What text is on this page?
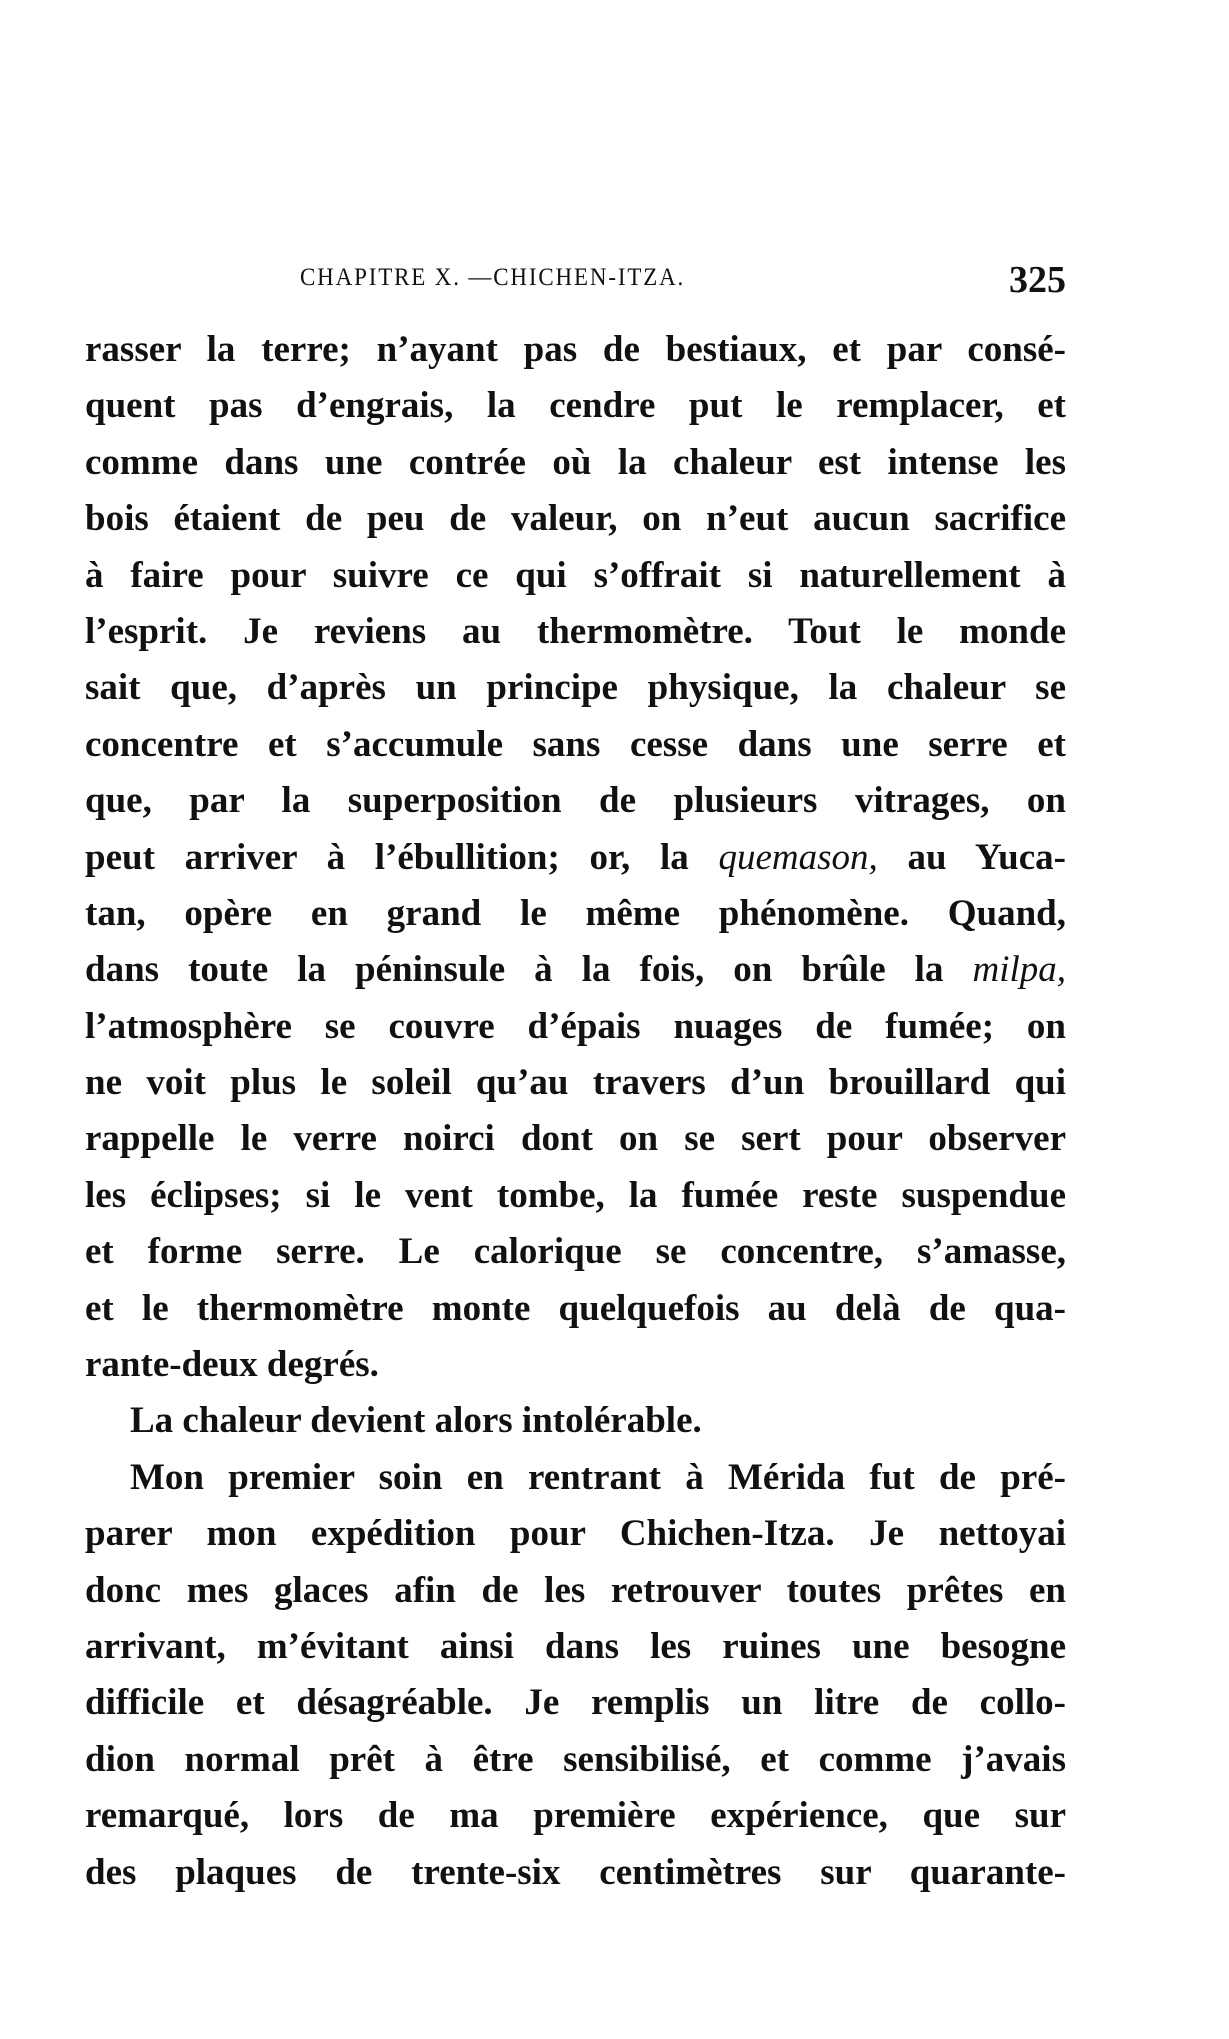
CHAPITRE X. —CHICHEN-ITZA.	325
rasser la terre; n’ayant pas de bestiaux, et par consé-
quent pas d’engrais, la cendre put le remplacer, et
comme dans une contrée où la chaleur est intense les
bois étaient de peu de valeur, on n’eut aucun sacrifice
à faire pour suivre ce qui s’offrait si naturellement à
l’esprit. Je reviens au thermomètre. Tout le monde
sait que, d’après un principe physique, la chaleur se
concentre et s’accumule sans cesse dans une serre et
que, par la superposition de plusieurs vitrages, on
peut arriver à l’ébullition; or, la quemason, au Yuca-
tan, opère en grand le même phénomène. Quand,
dans toute la péninsule à la fois, on brûle la milpa,
l’atmosphère se couvre d’épais nuages de fumée; on
ne voit plus le soleil qu’au travers d’un brouillard qui
rappelle le verre noirci dont on se sert pour observer
les éclipses; si le vent tombe, la fumée reste suspendue
et forme serre. Le calorique se concentre, s’amasse,
et le thermomètre monte quelquefois au delà de qua-
rante-deux degrés.
La chaleur devient alors intolérable.
Mon premier soin en rentrant à Mérida fut de pré-
parer mon expédition pour Chichen-Itza. Je nettoyai
donc mes glaces afin de les retrouver toutes prêtes en
arrivant, m’évitant ainsi dans les ruines une besogne
difficile et désagréable. Je remplis un litre de collo-
dion normal prêt à être sensibilisé, et comme j’avais
remarqué, lors de ma première expérience, que sur
des plaques de trente-six centimètres sur quarante-
